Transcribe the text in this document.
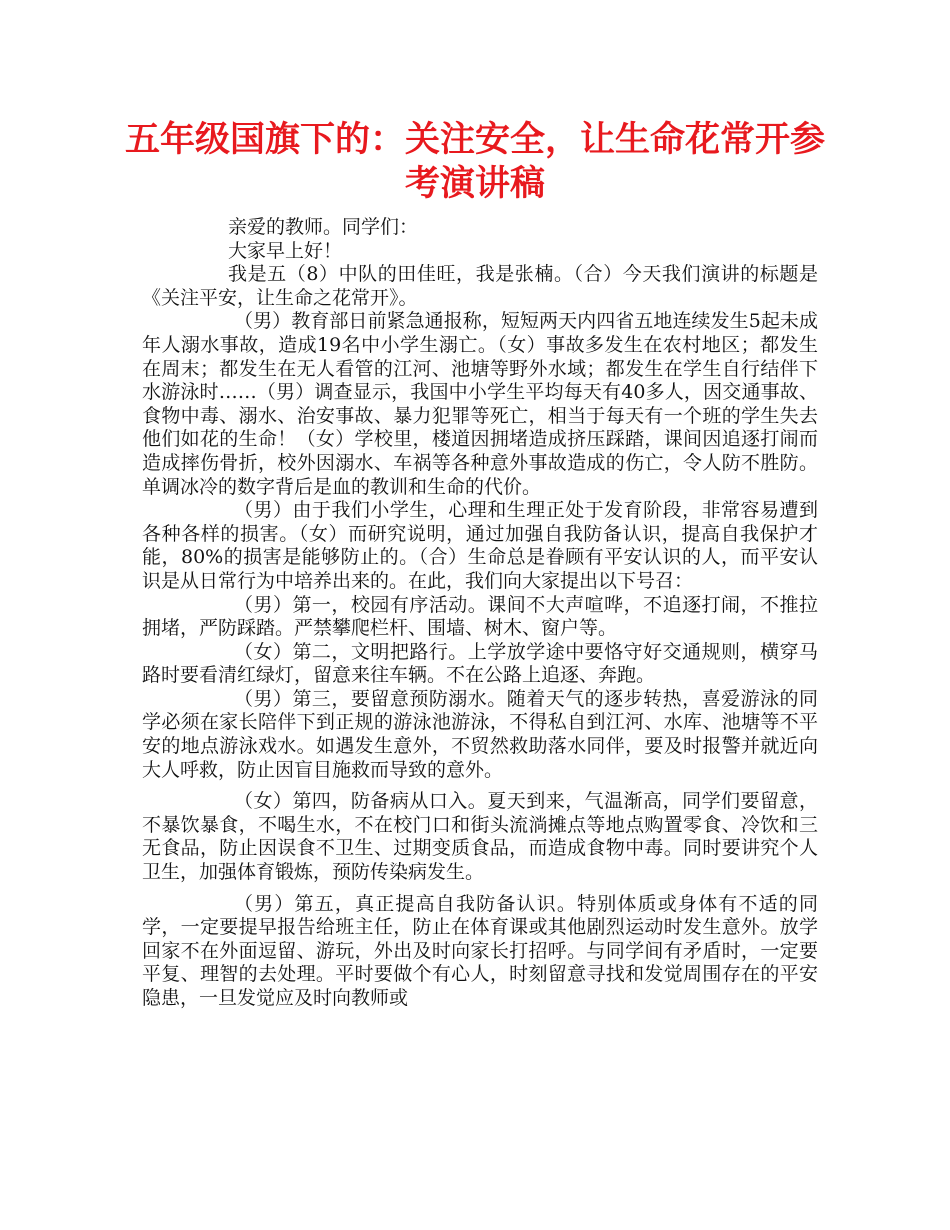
五年级国旗下的：关注安全，让生命花常开参考演讲稿

亲爱的教师。同学们：

大家早上好！

我是五（8）中队的田佳旺，我是张楠。（合）今天我们演讲的标题是《关注平安，让生命之花常开》。

（男）教育部日前紧急通报称，短短两天内四省五地连续发生5起未成年人溺水事故，造成19名中小学生溺亡。（女）事故多发生在农村地区；都发生在周末；都发生在无人看管的江河、池塘等野外水域；都发生在学生自行结伴下水游泳时……（男）调查显示，我国中小学生平均每天有40多人，因交通事故、食物中毒、溺水、治安事故、暴力犯罪等死亡，相当于每天有一个班的学生失去他们如花的生命！（女）学校里，楼道因拥堵造成挤压踩踏，课间因追逐打闹而造成摔伤骨折，校外因溺水、车祸等各种意外事故造成的伤亡，令人防不胜防。单调冰冷的数字背后是血的教训和生命的代价。

（男）由于我们小学生，心理和生理正处于发育阶段，非常容易遭到各种各样的损害。（女）而研究说明，通过加强自我防备认识，提高自我保护才能，80%的损害是能够防止的。（合）生命总是眷顾有平安认识的人，而平安认识是从日常行为中培养出来的。在此，我们向大家提出以下号召：

（男）第一，校园有序活动。课间不大声喧哗，不追逐打闹，不推拉拥堵，严防踩踏。严禁攀爬栏杆、围墙、树木、窗户等。

（女）第二，文明把路行。上学放学途中要恪守好交通规则，横穿马路时要看清红绿灯，留意来往车辆。不在公路上追逐、奔跑。

（男）第三，要留意预防溺水。随着天气的逐步转热，喜爱游泳的同学必须在家长陪伴下到正规的游泳池游泳，不得私自到江河、水库、池塘等不平安的地点游泳戏水。如遇发生意外，不贸然救助落水同伴，要及时报警并就近向大人呼救，防止因盲目施救而导致的意外。

（女）第四，防备病从口入。夏天到来，气温渐高，同学们要留意，不暴饮暴食，不喝生水，不在校门口和街头流淌摊点等地点购置零食、冷饮和三无食品，防止因误食不卫生、过期变质食品，而造成食物中毒。同时要讲究个人卫生，加强体育锻炼，预防传染病发生。

（男）第五，真正提高自我防备认识。特别体质或身体有不适的同学，一定要提早报告给班主任，防止在体育课或其他剧烈运动时发生意外。放学回家不在外面逗留、游玩，外出及时向家长打招呼。与同学间有矛盾时，一定要平复、理智的去处理。平时要做个有心人，时刻留意寻找和发觉周围存在的平安隐患，一旦发觉应及时向教师或
